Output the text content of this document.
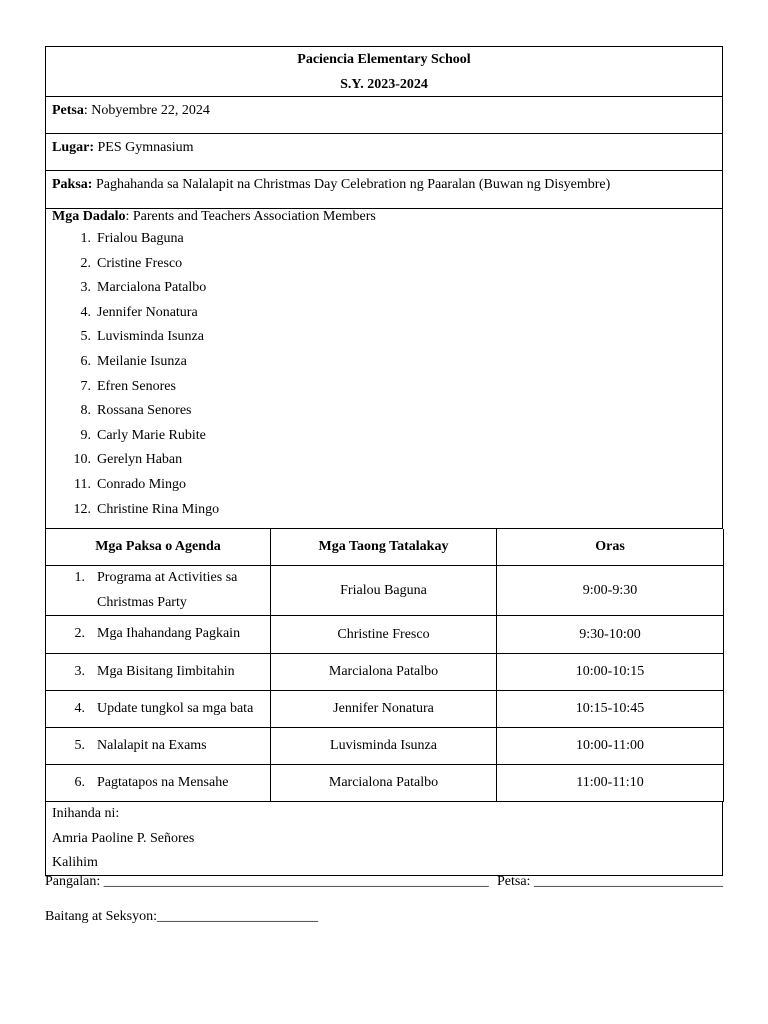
Paciencia Elementary School
S.Y. 2023-2024
Petsa: Nobyembre 22, 2024
Lugar: PES Gymnasium
Paksa: Paghahanda sa Nalalapit na Christmas Day Celebration ng Paaralan (Buwan ng Disyembre)
Mga Dadalo: Parents and Teachers Association Members
1. Frialou Baguna
2. Cristine Fresco
3. Marcialona Patalbo
4. Jennifer Nonatura
5. Luvisminda Isunza
6. Meilanie Isunza
7. Efren Senores
8. Rossana Senores
9. Carly Marie Rubite
10. Gerelyn Haban
11. Conrado Mingo
12. Christine Rina Mingo
Mga Paksa o Agenda	Mga Taong Tatalakay	Oras

1. Programa at Activities sa Christmas Party	Frialou Baguna	9:00-9:30

2. Mga Ihahandang Pagkain	Christine Fresco	9:30-10:00

3. Mga Bisitang Iimbitahin	Marcialona Patalbo	10:00-10:15

4. Update tungkol sa mga bata	Jennifer Nonatura	10:15-10:45

5. Nalalapit na Exams	Luvisminda Isunza	10:00-11:00

6. Pagtatapos na Mensahe	Marcialona Patalbo	11:00-11:10
Inihanda ni:
Amria Paoline P. Señores
Kalihim
Pangalan: _______________________________________________________ Petsa: ___________________________
Baitang at Seksyon:_______________________
